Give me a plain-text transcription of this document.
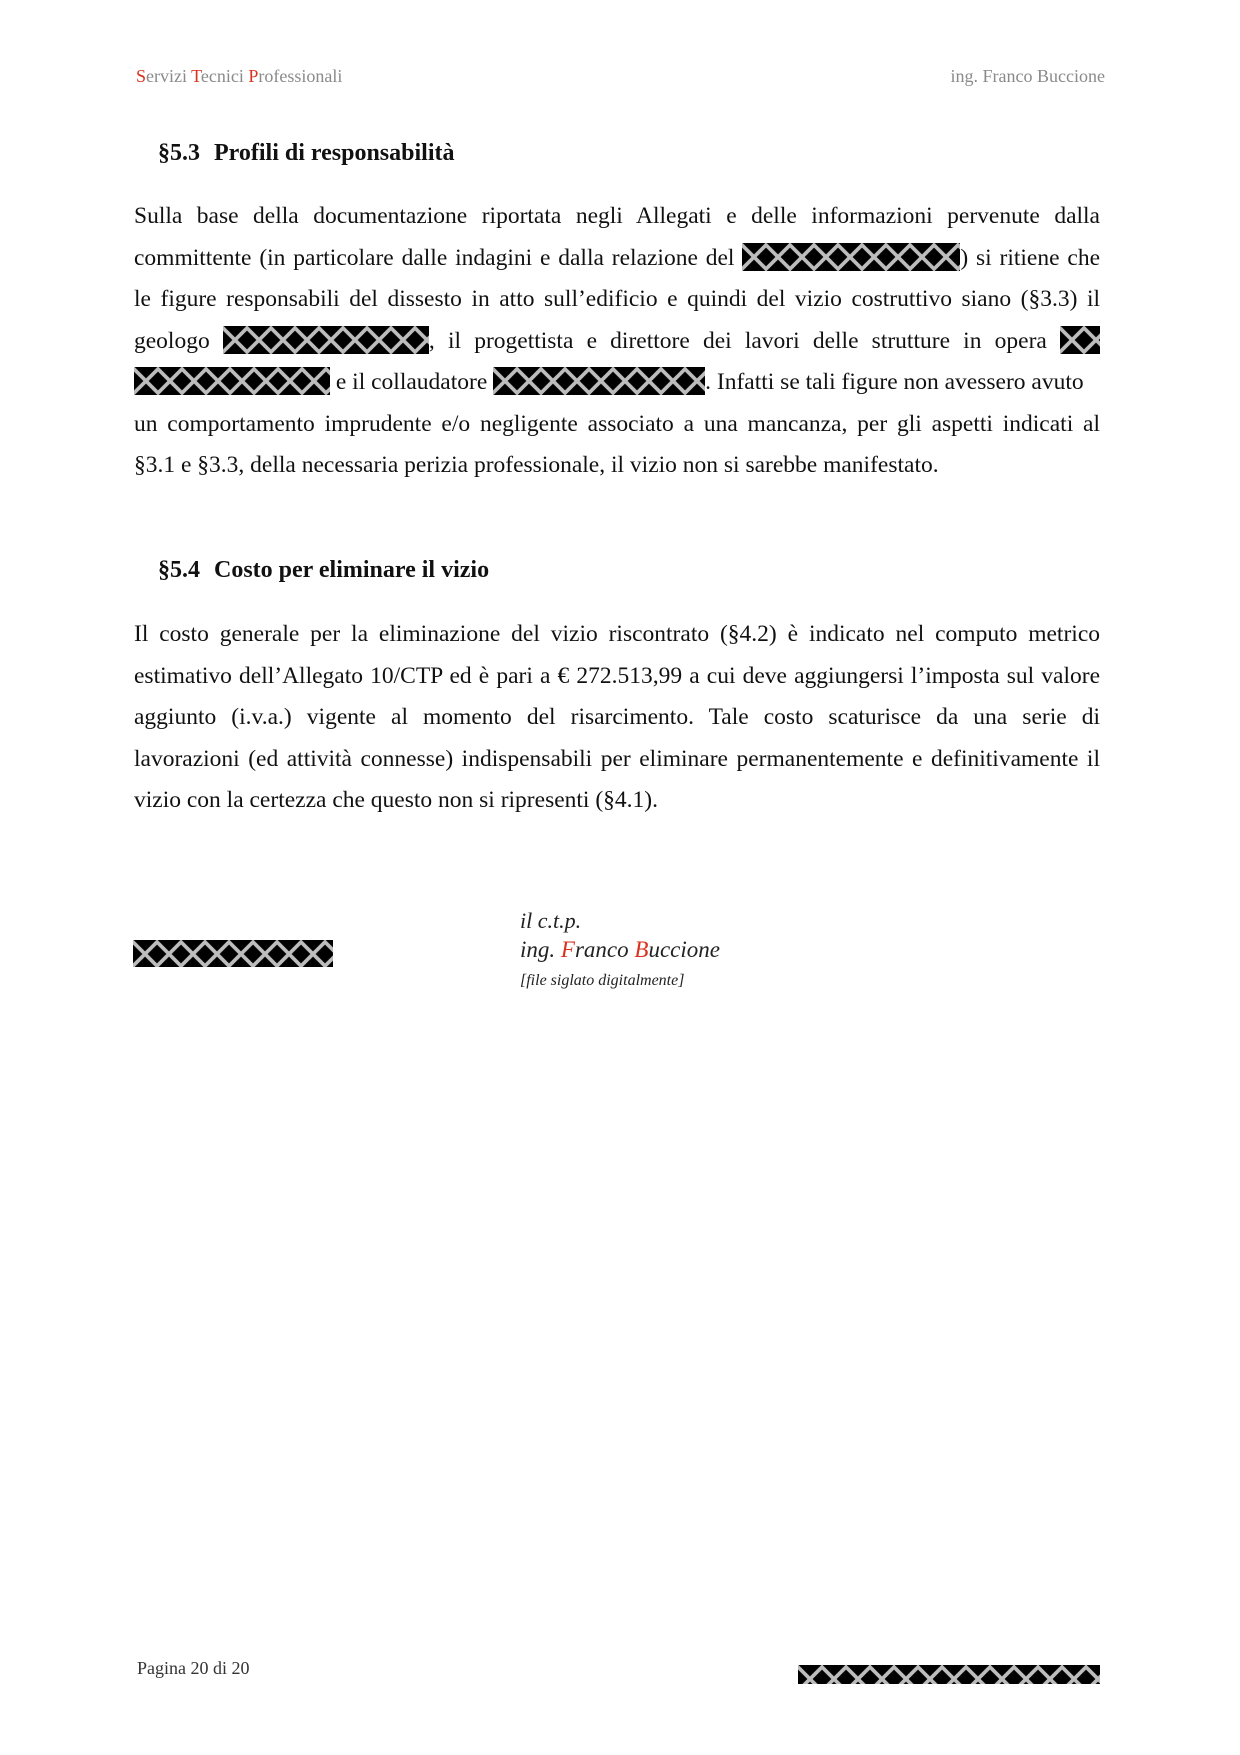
Servizi Tecnici Professionali	ing. Franco Buccione
§5.3 Profili di responsabilità
Sulla base della documentazione riportata negli Allegati e delle informazioni pervenute dalla
committente (in particolare dalle indagini e dalla relazione del	) si ritiene che
le figure responsabili del dissesto in atto sull’edificio e quindi del vizio costruttivo siano (§3.3) il
geologo	, il progettista e direttore dei lavori delle strutture in opera
e il collaudatore	. Infatti se tali figure non avessero avuto
un comportamento imprudente e/o negligente associato a una mancanza, per gli aspetti indicati al
§3.1 e §3.3, della necessaria perizia professionale, il vizio non si sarebbe manifestato.
§5.4 Costo per eliminare il vizio
Il costo generale per la eliminazione del vizio riscontrato (§4.2) è indicato nel computo metrico
estimativo dell’Allegato 10/CTP ed è pari a € 272.513,99 a cui deve aggiungersi l’imposta sul valore
aggiunto (i.v.a.) vigente al momento del risarcimento. Tale costo scaturisce da una serie di
lavorazioni (ed attività connesse) indispensabili per eliminare permanentemente e definitivamente il
vizio con la certezza che questo non si ripresenti (§4.1).
il c.t.p.
ing. Franco Buccione
[file siglato digitalmente]
Pagina 20 di 20
